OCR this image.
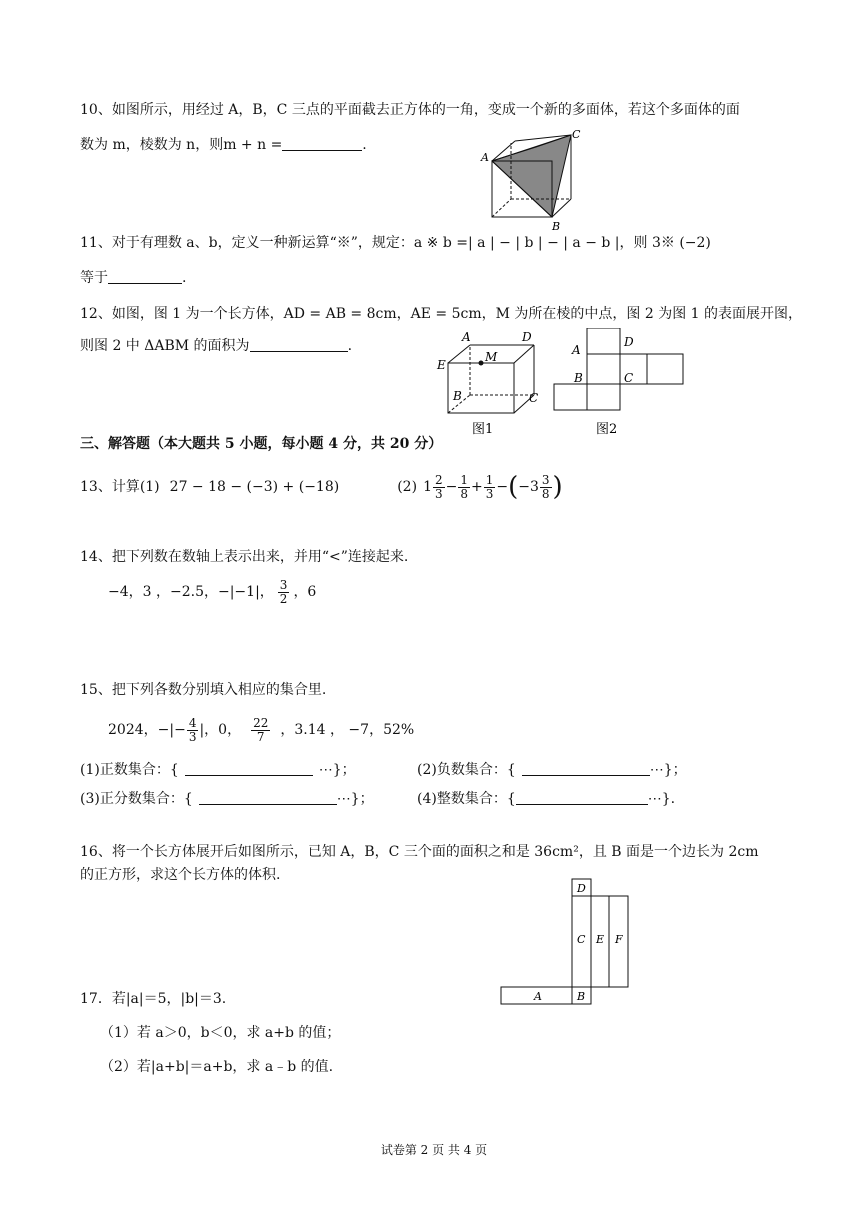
10、如图所示，用经过 A，B，C 三点的平面截去正方体的一角，变成一个新的多面体，若这个多面体的面
数为 m，棱数为 n，则m + n =	.
A
C
B
11、对于有理数 a、b，定义一种新运算“※”，规定：a ※ b =| a | − | b | − | a − b |，则 3※ (−2)
等于	.
12、如图，图 1 为一个长方体，AD = AB = 8cm，AE = 5cm，M 为所在棱的中点，图 2 为图 1 的表面展开图，
则图 2 中 ΔABM 的面积为	.
A	D
E
M
B	C
图1
A
D
B	C
图2
三、解答题（本大题共 5 小题，每小题 4 分，共 20 分）
13、计算(1) 27 − 18 − (−3) + (−18)	(2) $1 \frac{2}{3} - \frac{1}{8} + \frac{1}{3}$ − ( $-3 \frac{3}{8}$ )
14、把下列数在数轴上表示出来，并用“<”连接起来.
−4，3 ，−2.5，−|−1|， $\frac{3}{2}$ ，6
15、把下列各数分别填入相应的集合里.
2024，−|− $\frac{4}{3}$ |，0， $\frac{22}{7}$ ，3.14 ， −7，52%
(1)正数集合：{	⋯}；	(2)负数集合：{	⋯}；
(3)正分数集合：{	⋯}；	(4)整数集合：{	⋯}.
16、将一个长方体展开后如图所示，已知 A，B，C 三个面的面积之和是 36cm²，且 B 面是一个边长为 2cm
的正方形，求这个长方体的体积.
D
C E F
A	B
17．若|a|＝5，|b|＝3.
（1）若 a＞0，b＜0，求 a+b 的值；
（2）若|a+b|＝a+b，求 a﹣b 的值.
试卷第 2 页 共 4 页
